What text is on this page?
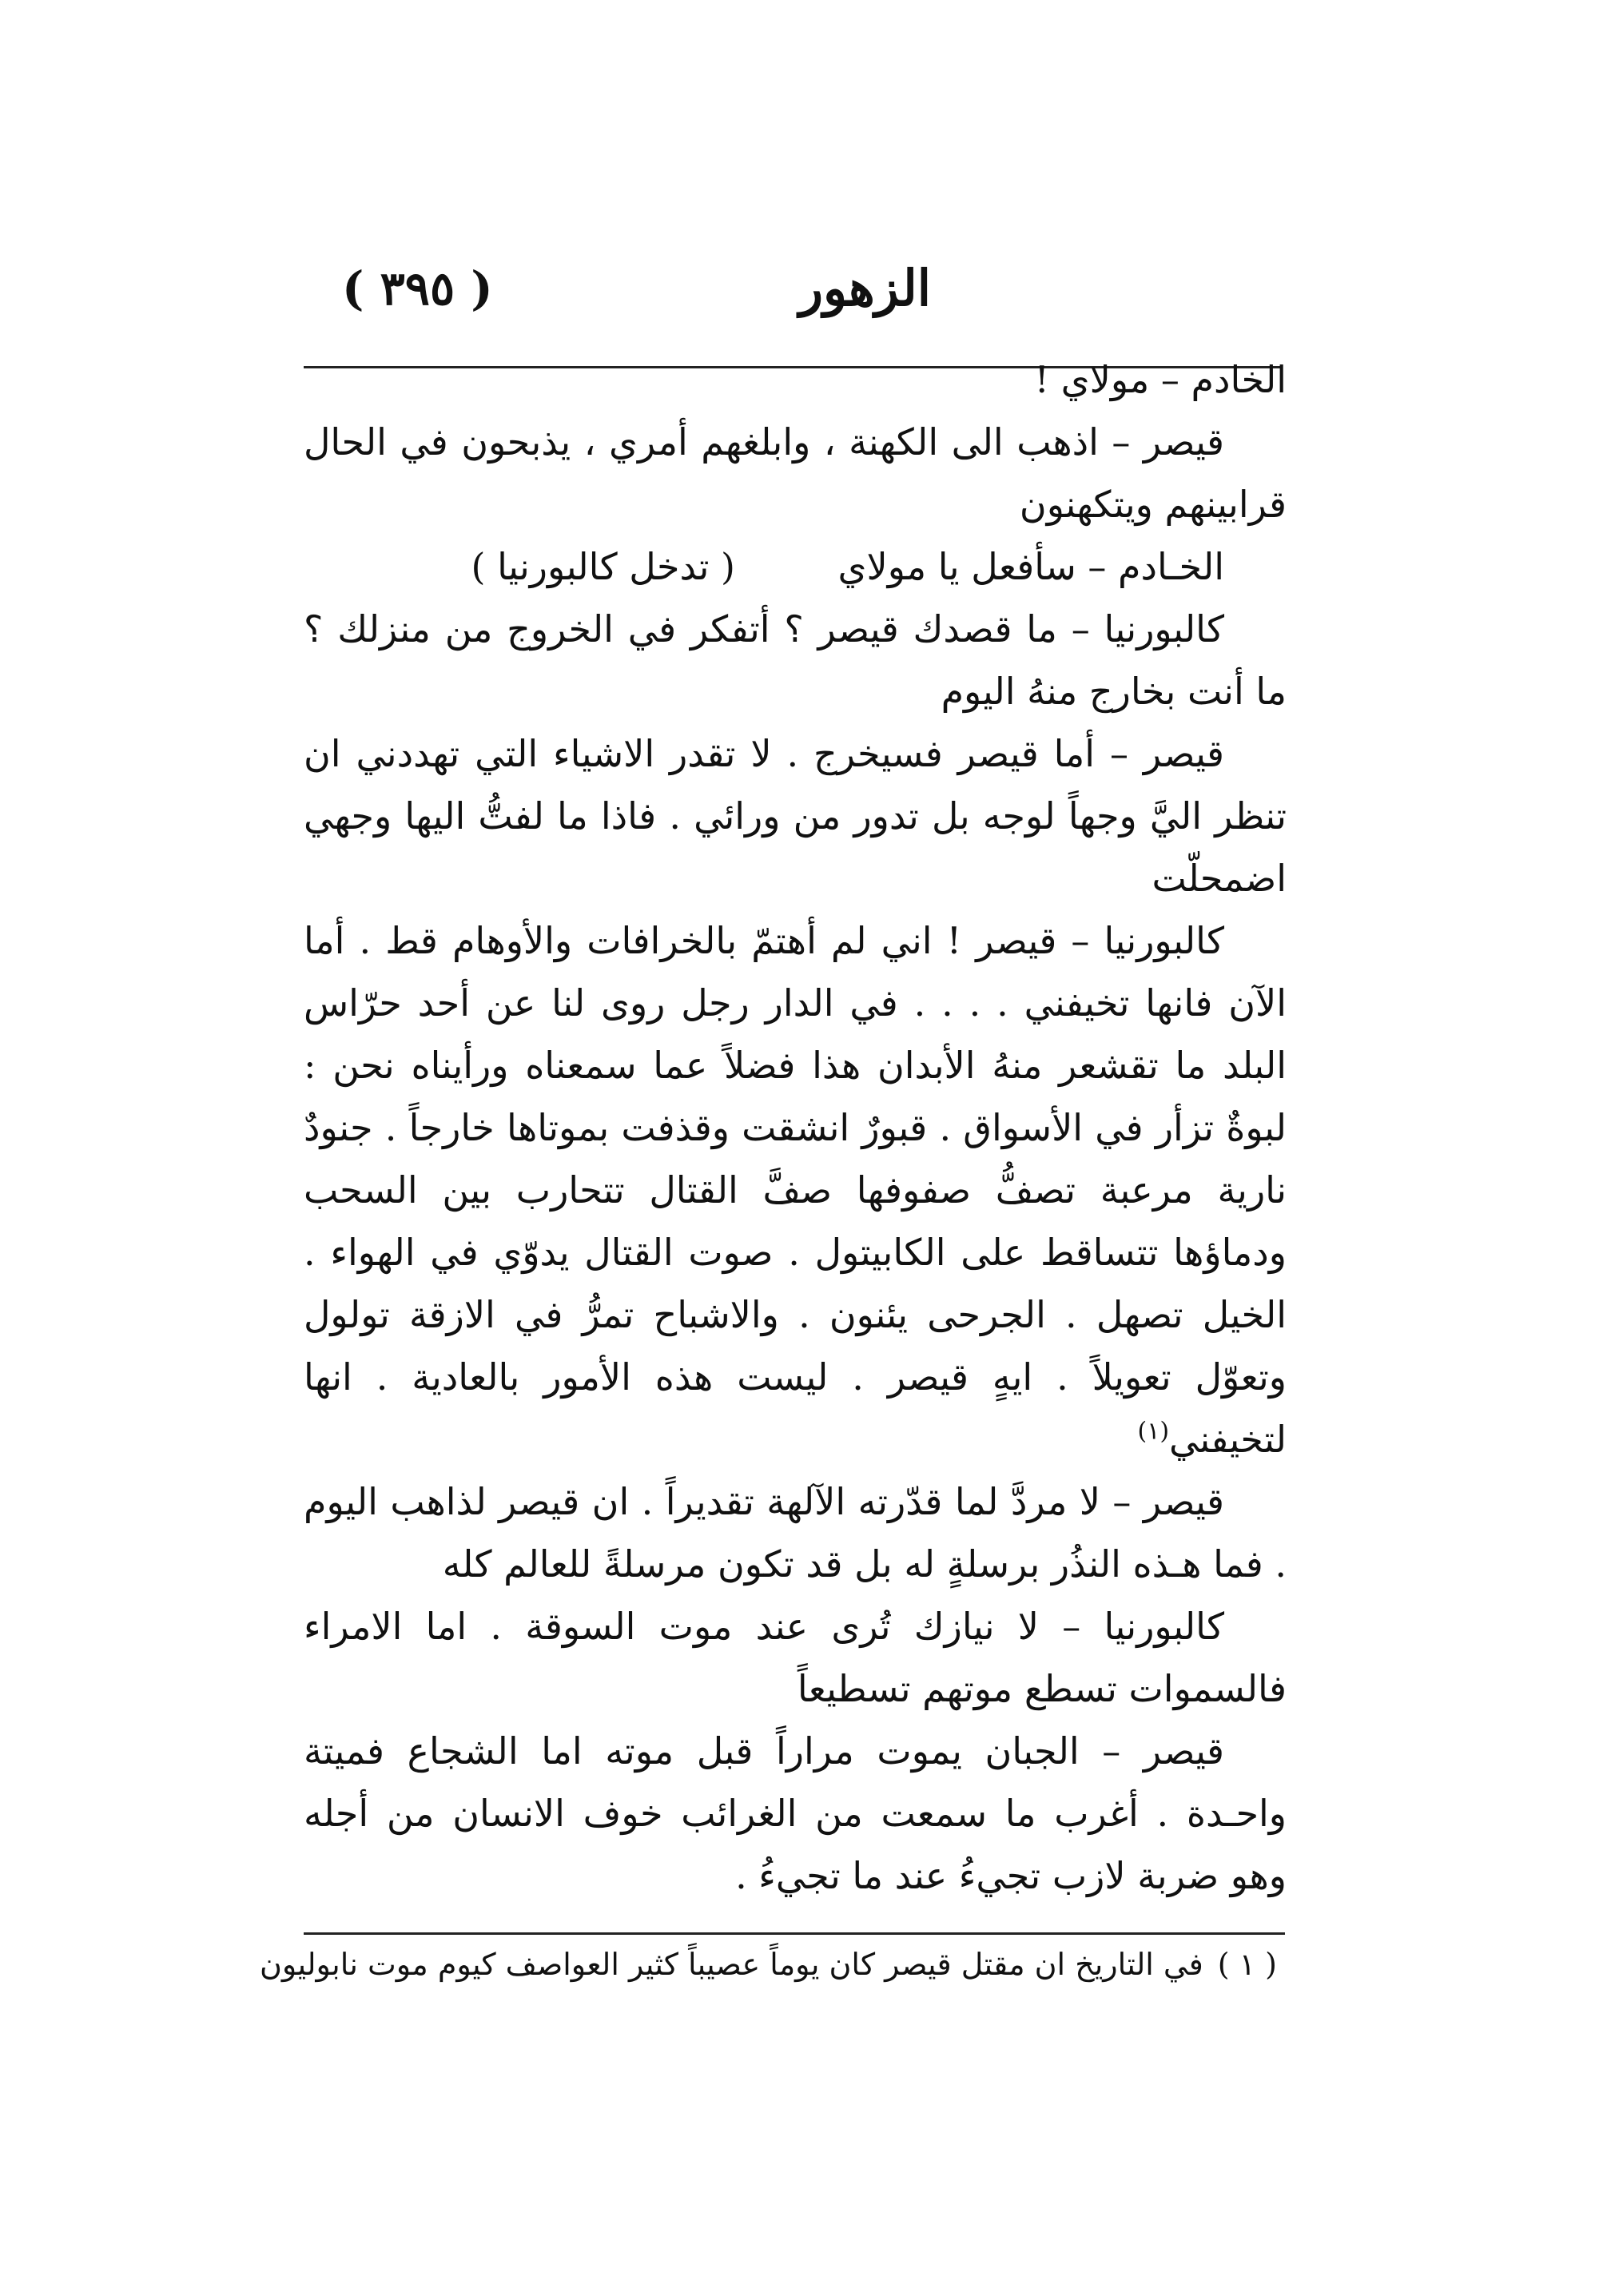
الزهور
( ٣٩٥ )

الخادم – مولاي !

قيصر – اذهب الى الكهنة ، وابلغهم أمري ، يذبحون في الحال قرابينهم ويتكهنون

الخـادم – سأفعل يا مولاي
( تدخل كالبورنيا )

كالبورنيا – ما قصدك قيصر ؟ أتفكر في الخروج من منزلك ؟ ما أنت بخارج منهُ اليوم

قيصر – أما قيصر فسيخرج . لا تقدر الاشياء التي تهددني ان تنظر اليَّ وجهاً لوجه بل تدور من ورائي . فاذا ما لفتُّ اليها وجهي اضمحلّت

كالبورنيا – قيصر ! اني لم أهتمّ بالخرافات والأوهام قط . أما الآن فانها تخيفني . . . . في الدار رجل روى لنا عن أحد حرّاس البلد ما تقشعر منهُ الأبدان هذا فضلاً عما سمعناه ورأيناه نحن : لبوةٌ تزأر في الأسواق . قبورٌ انشقت وقذفت بموتاها خارجاً . جنودٌ نارية مرعبة تصفُّ صفوفها صفَّ القتال تتحارب بين السحب ودماؤها تتساقط على الكابيتول . صوت القتال يدوّي في الهواء . الخيل تصهل . الجرحى يئنون . والاشباح تمرُّ في الازقة تولول وتعوّل تعويلاً . ايهٍ قيصر . ليست هذه الأمور بالعادية . انها لتخيفني$^{(١)}$

قيصر – لا مردَّ لما قدّرته الآلهة تقديراً . ان قيصر لذاهب اليوم . فما هـذه النذُر برسلةٍ له بل قد تكون مرسلةً للعالم كله

كالبورنيا – لا نيازك تُرى عند موت السوقة . اما الامراء فالسموات تسطع موتهم تسطيعاً

قيصر – الجبان يموت مراراً قبل موته اما الشجاع فميتة واحـدة . أغرب ما سمعت من الغرائب خوف الانسان من أجله وهو ضربة لازب تجيءُ عند ما تجيءُ .

( ١ )في التاريخ ان مقتل قيصر كان يوماً عصيباً كثير العواصف كيوم موت نابوليون
